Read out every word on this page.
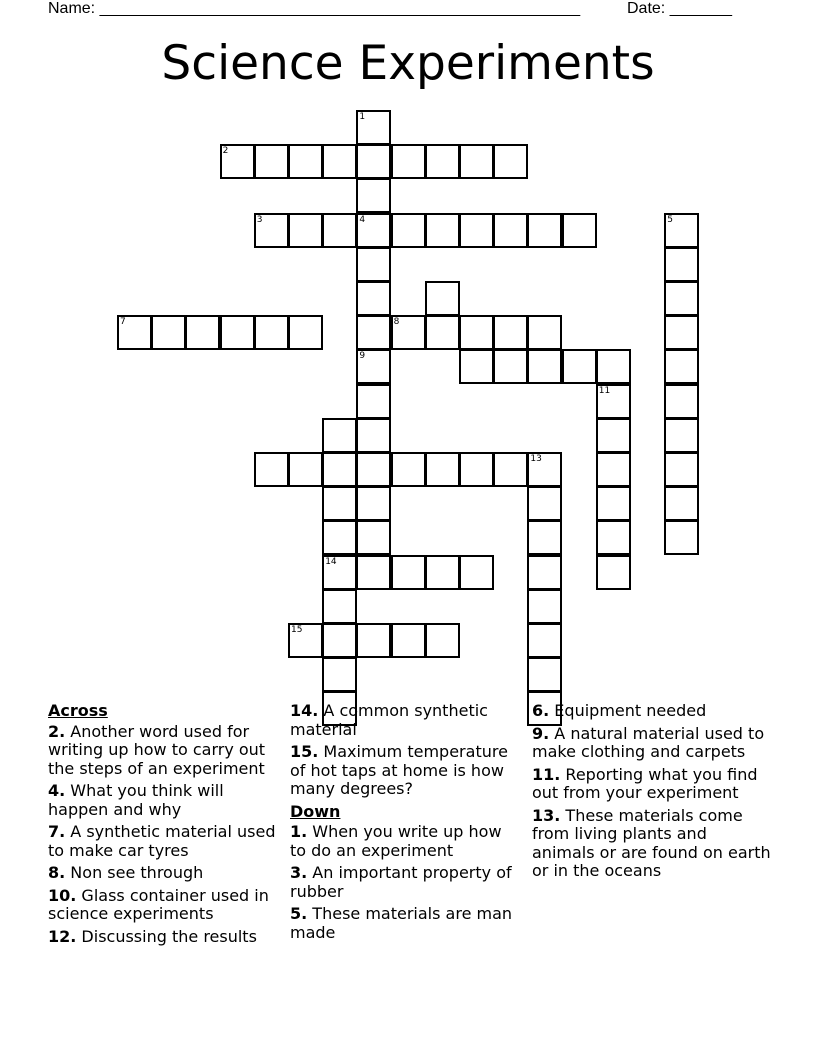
Name: ______________________________________________________	Date: _______
Science Experiments
1
4
9
2
3
7	8
14
5
13
11
15
Across
2. Another word used for writing up how to carry out the steps of an experiment
4. What you think will happen and why
7. A synthetic material used to make car tyres
8. Non see through
10. Glass container used in science experiments
12. Discussing the results
14. A common synthetic material
15. Maximum temperature of hot taps at home is how many degrees?
Down
1. When you write up how to do an experiment
3. An important property of rubber
5. These materials are man made
6. Equipment needed
9. A natural material used to make clothing and carpets
11. Reporting what you find out from your experiment
13. These materials come from living plants and animals or are found on earth or in the oceans
